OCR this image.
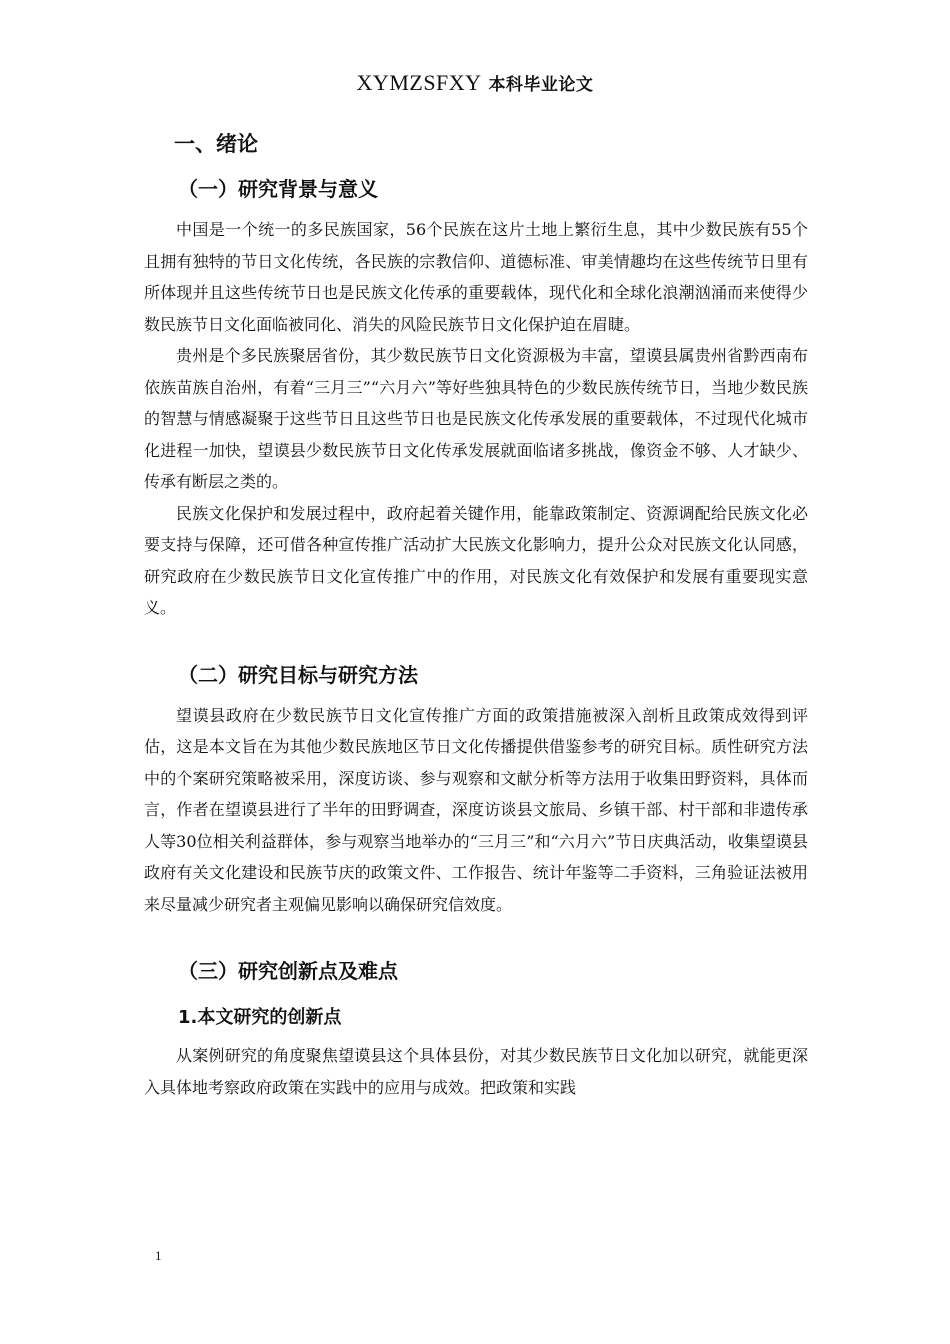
XYMZSFXY 本科毕业论文
一、绪论
（一）研究背景与意义

中国是一个统一的多民族国家，56个民族在这片土地上繁衍生息，其中少数民族有55个且拥有独特的节日文化传统，各民族的宗教信仰、道德标准、审美情趣均在这些传统节日里有所体现并且这些传统节日也是民族文化传承的重要载体，现代化和全球化浪潮汹涌而来使得少数民族节日文化面临被同化、消失的风险民族节日文化保护迫在眉睫。

贵州是个多民族聚居省份，其少数民族节日文化资源极为丰富，望谟县属贵州省黔西南布依族苗族自治州，有着“三月三”“六月六”等好些独具特色的少数民族传统节日，当地少数民族的智慧与情感凝聚于这些节日且这些节日也是民族文化传承发展的重要载体，不过现代化城市化进程一加快，望谟县少数民族节日文化传承发展就面临诸多挑战，像资金不够、人才缺少、传承有断层之类的。

民族文化保护和发展过程中，政府起着关键作用，能靠政策制定、资源调配给民族文化必要支持与保障，还可借各种宣传推广活动扩大民族文化影响力，提升公众对民族文化认同感，研究政府在少数民族节日文化宣传推广中的作用，对民族文化有效保护和发展有重要现实意义。

（二）研究目标与研究方法

望谟县政府在少数民族节日文化宣传推广方面的政策措施被深入剖析且政策成效得到评估，这是本文旨在为其他少数民族地区节日文化传播提供借鉴参考的研究目标。质性研究方法中的个案研究策略被采用，深度访谈、参与观察和文献分析等方法用于收集田野资料，具体而言，作者在望谟县进行了半年的田野调查，深度访谈县文旅局、乡镇干部、村干部和非遗传承人等30位相关利益群体，参与观察当地举办的“三月三”和“六月六”节日庆典活动，收集望谟县政府有关文化建设和民族节庆的政策文件、工作报告、统计年鉴等二手资料，三角验证法被用来尽量减少研究者主观偏见影响以确保研究信效度。

（三）研究创新点及难点
1.本文研究的创新点

从案例研究的角度聚焦望谟县这个具体县份，对其少数民族节日文化加以研究，就能更深入具体地考察政府政策在实践中的应用与成效。把政策和实践

1
